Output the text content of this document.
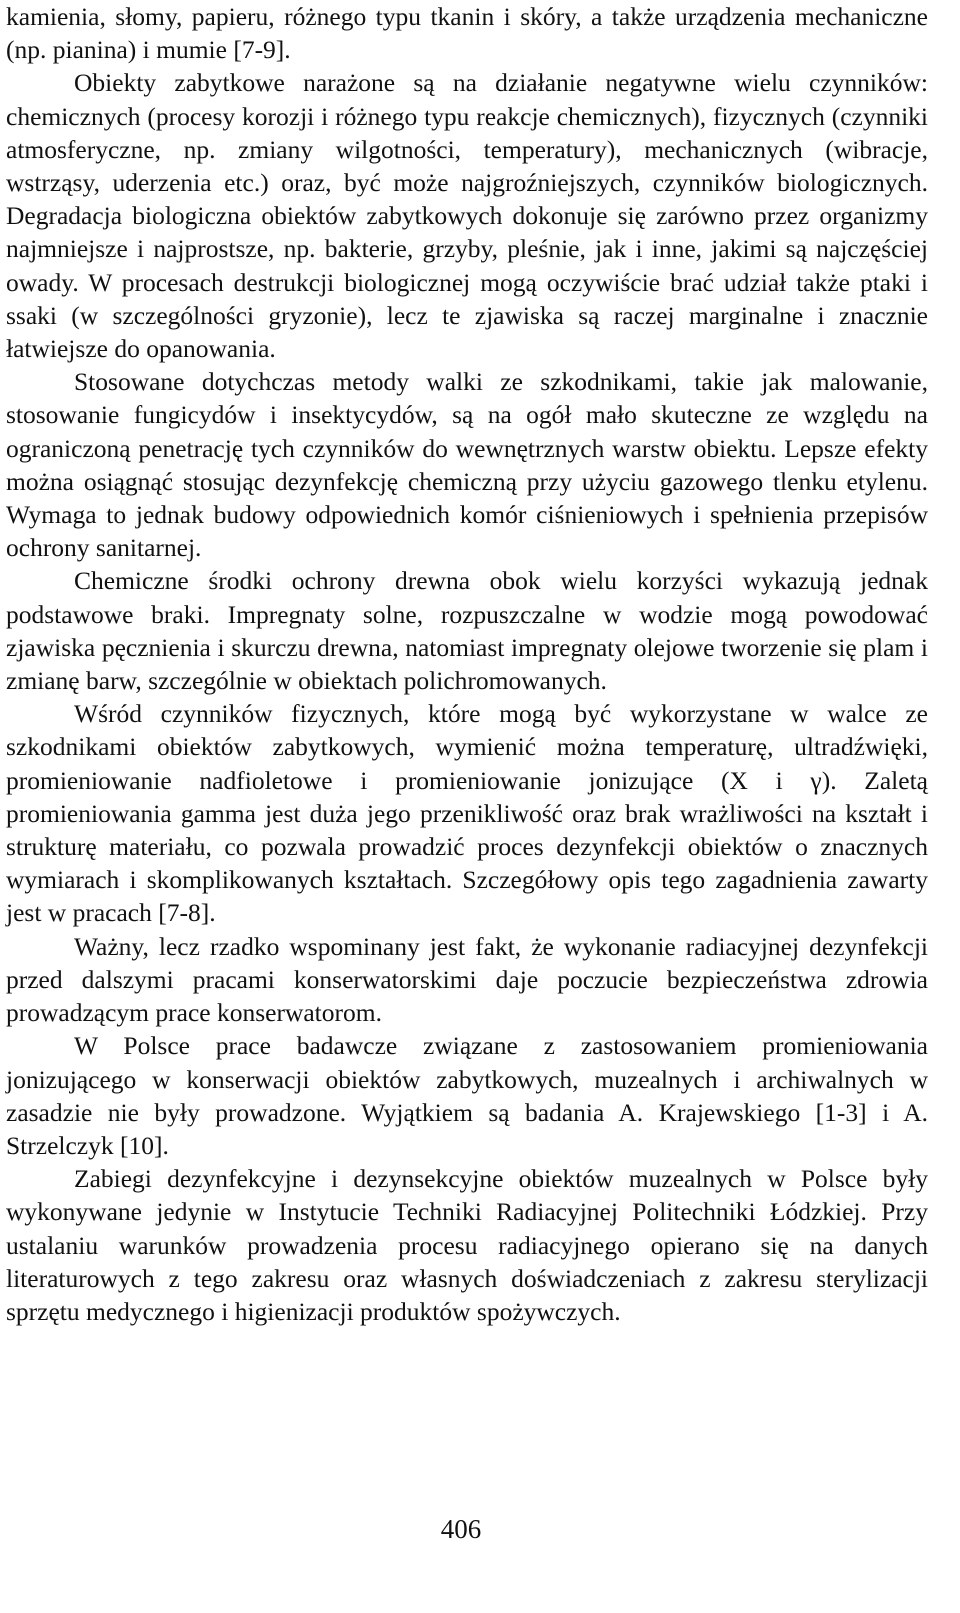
kamienia, słomy, papieru, różnego typu tkanin i skóry, a także urządzenia mechaniczne (np. pianina) i mumie [7-9].

Obiekty zabytkowe narażone są na działanie negatywne wielu czynników: chemicznych (procesy korozji i różnego typu reakcje chemicznych), fizycznych (czynniki atmosferyczne, np. zmiany wilgotności, temperatury), mechanicznych (wibracje, wstrząsy, uderzenia etc.) oraz, być może najgroźniejszych, czynników biologicznych. Degradacja biologiczna obiektów zabytkowych dokonuje się zarówno przez organizmy najmniejsze i najprostsze, np. bakterie, grzyby, pleśnie, jak i inne, jakimi są najczęściej owady. W procesach destrukcji biologicznej mogą oczywiście brać udział także ptaki i ssaki (w szczególności gryzonie), lecz te zjawiska są raczej marginalne i znacznie łatwiejsze do opanowania.

Stosowane dotychczas metody walki ze szkodnikami, takie jak malowanie, stosowanie fungicydów i insektycydów, są na ogół mało skuteczne ze względu na ograniczoną penetrację tych czynników do wewnętrznych warstw obiektu. Lepsze efekty można osiągnąć stosując dezynfekcję chemiczną przy użyciu gazowego tlenku etylenu. Wymaga to jednak budowy odpowiednich komór ciśnieniowych i spełnienia przepisów ochrony sanitarnej.

Chemiczne środki ochrony drewna obok wielu korzyści wykazują jednak podstawowe braki. Impregnaty solne, rozpuszczalne w wodzie mogą powodować zjawiska pęcznienia i skurczu drewna, natomiast impregnaty olejowe tworzenie się plam i zmianę barw, szczególnie w obiektach polichromowanych.

Wśród czynników fizycznych, które mogą być wykorzystane w walce ze szkodnikami obiektów zabytkowych, wymienić można temperaturę, ultradźwięki, promieniowanie nadfioletowe i promieniowanie jonizujące (X i γ). Zaletą promieniowania gamma jest duża jego przenikliwość oraz brak wrażliwości na kształt i strukturę materiału, co pozwala prowadzić proces dezynfekcji obiektów o znacznych wymiarach i skomplikowanych kształtach. Szczegółowy opis tego zagadnienia zawarty jest w pracach [7-8].

Ważny, lecz rzadko wspominany jest fakt, że wykonanie radiacyjnej dezynfekcji przed dalszymi pracami konserwatorskimi daje poczucie bezpieczeństwa zdrowia prowadzącym prace konserwatorom.

W Polsce prace badawcze związane z zastosowaniem promieniowania jonizującego w konserwacji obiektów zabytkowych, muzealnych i archiwalnych w zasadzie nie były prowadzone. Wyjątkiem są badania A. Krajewskiego [1-3] i A. Strzelczyk [10].

Zabiegi dezynfekcyjne i dezynsekcyjne obiektów muzealnych w Polsce były wykonywane jedynie w Instytucie Techniki Radiacyjnej Politechniki Łódzkiej. Przy ustalaniu warunków prowadzenia procesu radiacyjnego opierano się na danych literaturowych z tego zakresu oraz własnych doświadczeniach z zakresu sterylizacji sprzętu medycznego i higienizacji produktów spożywczych.

406
